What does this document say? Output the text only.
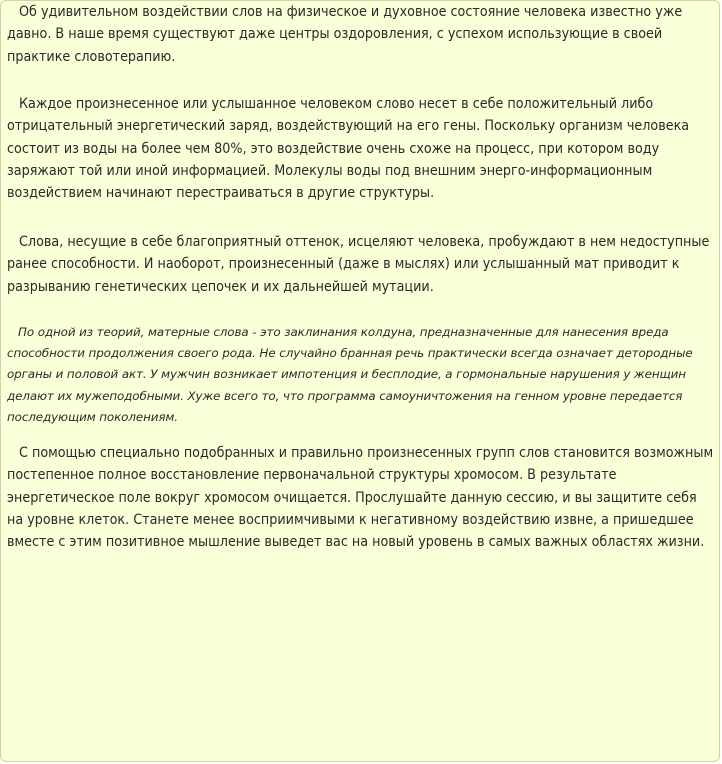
Об удивительном воздействии слов на физическое и духовное состояние человека известно уже давно. В наше время существуют даже центры оздоровления, с успехом использующие в своей практике словотерапию.

Каждое произнесенное или услышанное человеком слово несет в себе положительный либо отрицательный энергетический заряд, воздействующий на его гены. Поскольку организм человека состоит из воды на более чем 80%, это воздействие очень схоже на процесс, при котором воду заряжают той или иной информацией. Молекулы воды под внешним энерго-информационным воздействием начинают перестраиваться в другие структуры.

Слова, несущие в себе благоприятный оттенок, исцеляют человека, пробуждают в нем недоступные ранее способности. И наоборот, произнесенный (даже в мыслях) или услышанный мат приводит к разрыванию генетических цепочек и их дальнейшей мутации.

По одной из теорий, матерные слова - это заклинания колдуна, предназначенные для нанесения вреда способности продолжения своего рода. Не случайно бранная речь практически всегда означает детородные органы и половой акт. У мужчин возникает импотенция и бесплодие, а гормональные нарушения у женщин делают их мужеподобными. Хуже всего то, что программа самоуничтожения на генном уровне передается последующим поколениям.

С помощью специально подобранных и правильно произнесенных групп слов становится возможным постепенное полное восстановление первоначальной структуры хромосом. В результате энергетическое поле вокруг хромосом очищается. Прослушайте данную сессию, и вы защитите себя на уровне клеток. Станете менее восприимчивыми к негативному воздействию извне, а пришедшее вместе с этим позитивное мышление выведет вас на новый уровень в самых важных областях жизни.
